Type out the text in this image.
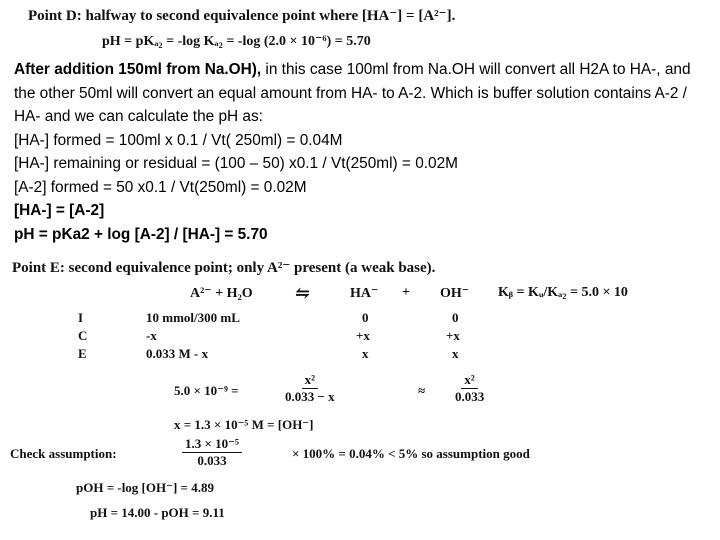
Point D: halfway to second equivalence point where [HA⁻] = [A²⁻].
pH = pKₐ₂ = -log Kₐ₂ = -log (2.0 × 10⁻⁶) = 5.70

After addition 150ml from Na.OH), in this case 100ml from Na.OH will convert all H2A to HA-, and the other 50ml will convert an equal amount from HA- to A-2. Which is buffer solution contains A-2 / HA- and we can calculate the pH as:

[HA-] formed = 100ml x 0.1 / Vt( 250ml) = 0.04M

[HA-] remaining or residual = (100 – 50) x0.1 / Vt(250ml) = 0.02M

[A-2] formed = 50 x0.1 / Vt(250ml) = 0.02M

[HA-] = [A-2]

pH = pKa2 + log [A-2] / [HA-] = 5.70

Point E: second equivalence point; only A²⁻ present (a weak base).
A²⁻ + H₂O ⇋	HA⁻ + OH⁻ Kᵦ = Kᵤ/Kₐ₂ = 5.0 × 10
I	10 mmol/300 mL	0	0
C	-x	+x	+x
E	0.033 M - x	x	x
5.0 × 10⁻⁹ =	$\frac{\text{x²}}{0.033 - x}$	≈ $\frac{\text{x²}}{0.033}$
x = 1.3 × 10⁻⁵ M = [OH⁻]
Check assumption:	$\frac{\text{1.3 × 10⁻⁵}}{0.033}$	× 100% = 0.04% < 5% so assumption good
pOH = -log [OH⁻] = 4.89
pH = 14.00 - pOH = 9.11
